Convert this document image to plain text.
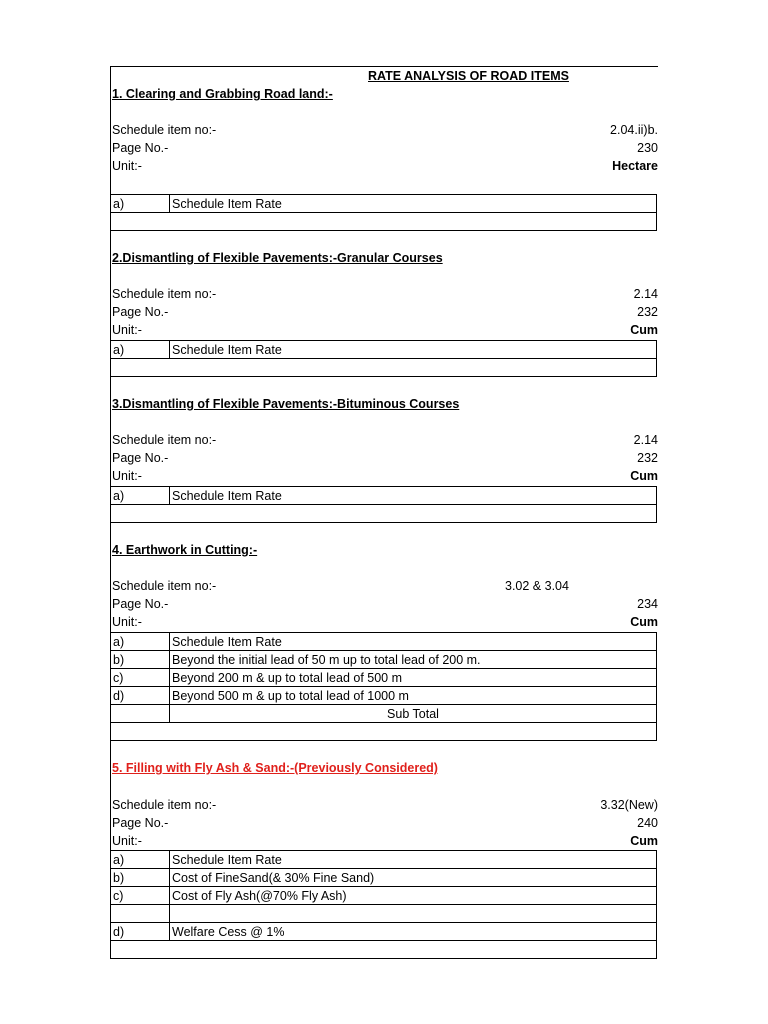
RATE ANALYSIS OF ROAD ITEMS
1. Clearing and Grabbing Road land:-
Schedule item no:-	2.04.ii)b.
Page No.-	230
Unit:-	Hectare
a)	Schedule Item Rate

2.Dismantling of Flexible Pavements:-Granular Courses
Schedule item no:-	2.14
Page No.-	232
Unit:-	Cum
a)	Schedule Item Rate

3.Dismantling of Flexible Pavements:-Bituminous Courses
Schedule item no:-	2.14
Page No.-	232
Unit:-	Cum
a)	Schedule Item Rate

4. Earthwork in Cutting:-
Schedule item no:-	3.02 & 3.04
Page No.-	234
Unit:-	Cum
a)	Schedule Item Rate
b)	Beyond the initial lead of 50 m up to total lead of 200 m.
c)	Beyond 200 m & up to total lead of 500 m
d)	Beyond 500 m & up to total lead of 1000 m
	Sub Total

5. Filling with Fly Ash & Sand:-(Previously Considered)
Schedule item no:-	3.32(New)
Page No.-	240
Unit:-	Cum
a)	Schedule Item Rate
b)	Cost of FineSand(& 30% Fine Sand)
c)	Cost of Fly Ash(@70% Fly Ash)

d)	Welfare Cess @ 1%
